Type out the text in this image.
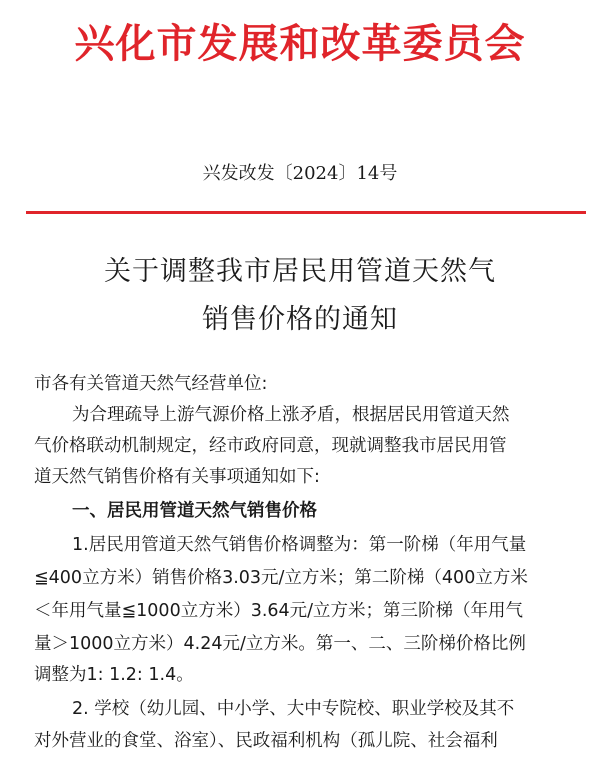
兴化市发展和改革委员会
兴发改发〔2024〕14号
关于调整我市居民用管道天然气
销售价格的通知
市各有关管道天然气经营单位:
为合理疏导上游气源价格上涨矛盾，根据居民用管道天然
气价格联动机制规定，经市政府同意，现就调整我市居民用管
道天然气销售价格有关事项通知如下:
一、居民用管道天然气销售价格
1.居民用管道天然气销售价格调整为：第一阶梯（年用气量
≦400立方米）销售价格3.03元/立方米；第二阶梯（400立方米
＜年用气量≦1000立方米）3.64元/立方米；第三阶梯（年用气
量＞1000立方米）4.24元/立方米。第一、二、三阶梯价格比例
调整为1: 1.2: 1.4。
2. 学校（幼儿园、中小学、大中专院校、职业学校及其不
对外营业的食堂、浴室）、民政福利机构（孤儿院、社会福利
